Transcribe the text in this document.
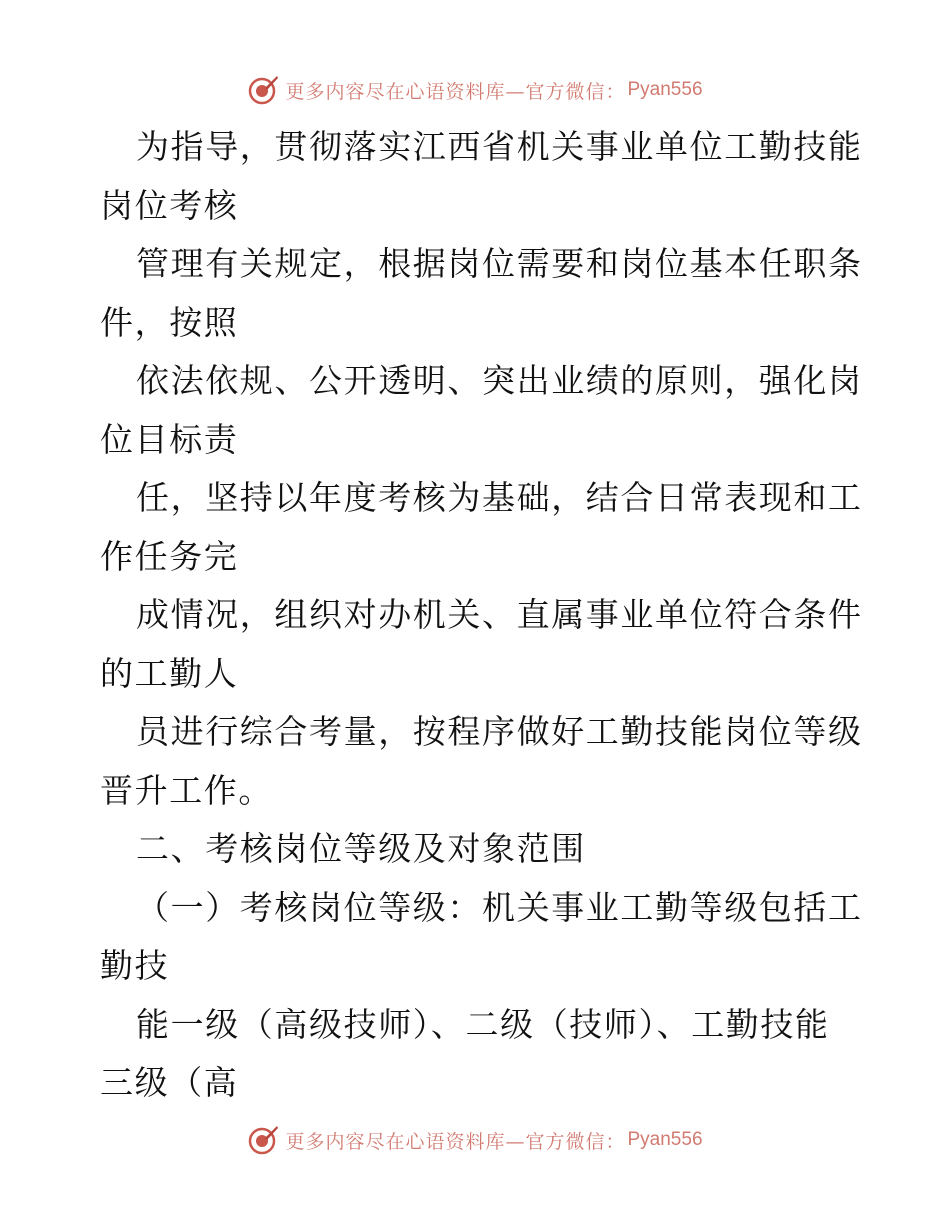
更多内容尽在心语资料库—官方微信： Pyan556
为指导，贯彻落实江西省机关事业单位工勤技能
岗位考核
管理有关规定，根据岗位需要和岗位基本任职条
件，按照
依法依规、公开透明、突出业绩的原则，强化岗
位目标责
任，坚持以年度考核为基础，结合日常表现和工
作任务完
成情况，组织对办机关、直属事业单位符合条件
的工勤人
员进行综合考量，按程序做好工勤技能岗位等级
晋升工作。
二、考核岗位等级及对象范围
（一）考核岗位等级：机关事业工勤等级包括工
勤技
能一级（高级技师）、二级（技师）、工勤技能
三级（高
更多内容尽在心语资料库—官方微信： Pyan556
